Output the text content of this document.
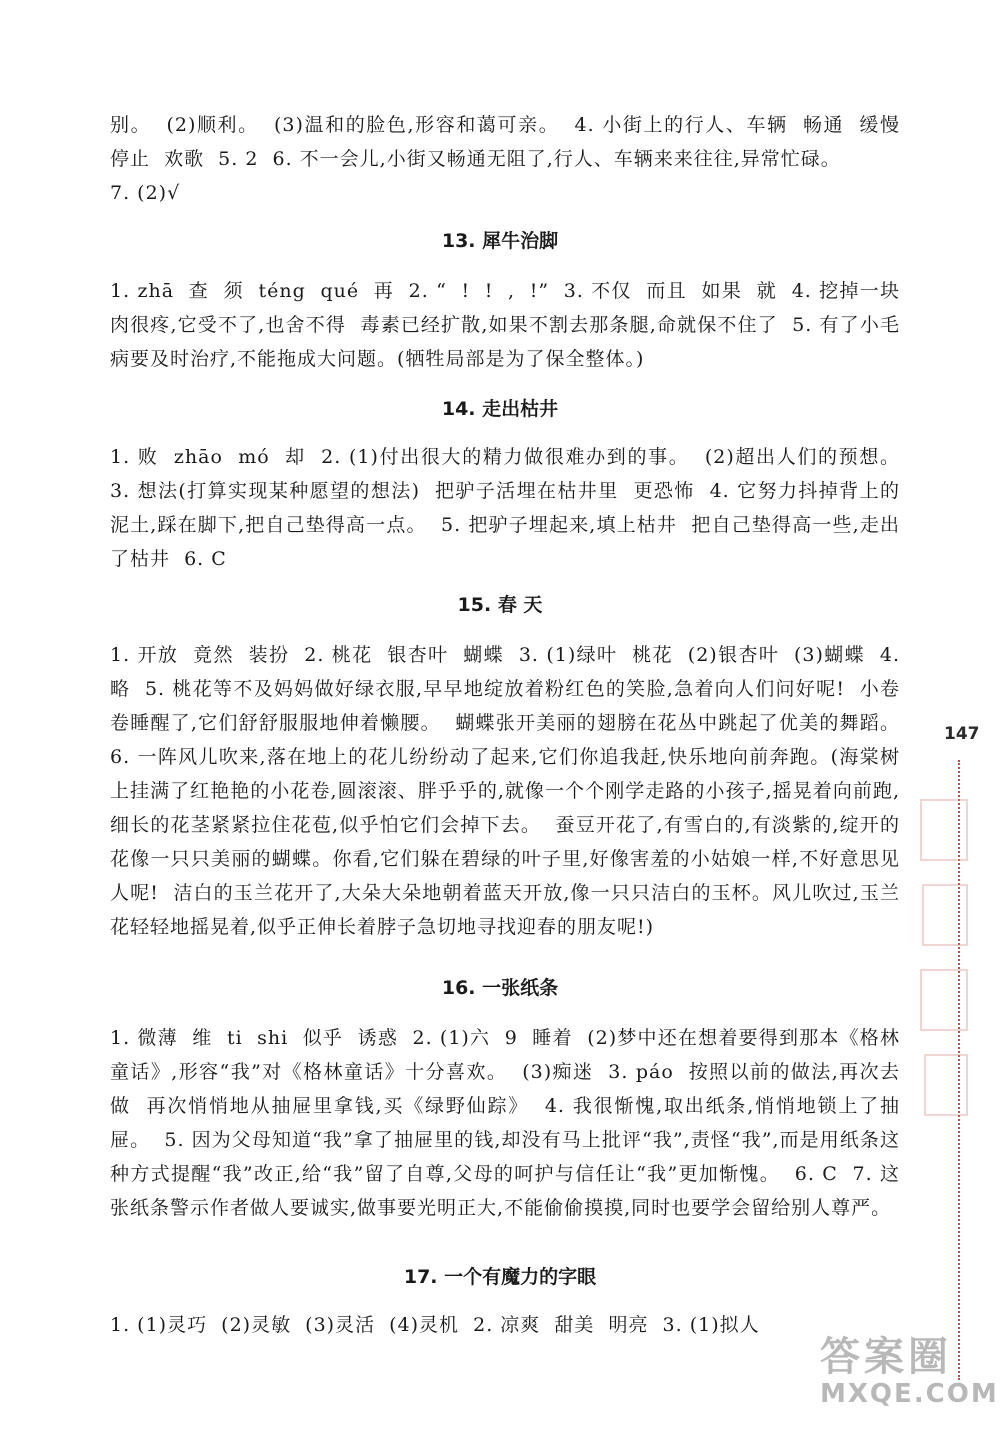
别。  (2)顺利。  (3)温和的脸色,形容和蔼可亲。  4. 小街上的行人、车辆  畅通  缓慢  停止  欢歌  5. 2  6. 不一会儿,小街又畅通无阻了,行人、车辆来来往往,异常忙碌。
7. (2)√
13. 犀牛治脚
1. zhā  查  须  téng  qué  再  2. “  !  !  ,  !”  3. 不仅  而且  如果  就  4. 挖掉一块肉很疼,它受不了,也舍不得  毒素已经扩散,如果不割去那条腿,命就保不住了  5. 有了小毛病要及时治疗,不能拖成大问题。(牺牲局部是为了保全整体。)
14. 走出枯井
1. 败  zhāo  mó  却  2. (1)付出很大的精力做很难办到的事。  (2)超出人们的预想。  3. 想法(打算实现某种愿望的想法)  把驴子活埋在枯井里  更恐怖  4. 它努力抖掉背上的泥土,踩在脚下,把自己垫得高一点。  5. 把驴子埋起来,填上枯井  把自己垫得高一些,走出了枯井  6. C
15. 春 天
1. 开放  竟然  装扮  2. 桃花  银杏叶  蝴蝶  3. (1)绿叶  桃花  (2)银杏叶  (3)蝴蝶  4. 略  5. 桃花等不及妈妈做好绿衣服,早早地绽放着粉红色的笑脸,急着向人们问好呢!  小卷卷睡醒了,它们舒舒服服地伸着懒腰。  蝴蝶张开美丽的翅膀在花丛中跳起了优美的舞蹈。  6. 一阵风儿吹来,落在地上的花儿纷纷动了起来,它们你追我赶,快乐地向前奔跑。(海棠树上挂满了红艳艳的小花卷,圆滚滚、胖乎乎的,就像一个个刚学走路的小孩子,摇晃着向前跑,细长的花茎紧紧拉住花苞,似乎怕它们会掉下去。  蚕豆开花了,有雪白的,有淡紫的,绽开的花像一只只美丽的蝴蝶。你看,它们躲在碧绿的叶子里,好像害羞的小姑娘一样,不好意思见人呢!  洁白的玉兰花开了,大朵大朵地朝着蓝天开放,像一只只洁白的玉杯。风儿吹过,玉兰花轻轻地摇晃着,似乎正伸长着脖子急切地寻找迎春的朋友呢!)
16. 一张纸条
1. 微薄  维  ti  shi  似乎  诱惑  2. (1)六  9  睡着  (2)梦中还在想着要得到那本《格林童话》,形容“我”对《格林童话》十分喜欢。  (3)痴迷  3. páo  按照以前的做法,再次去做  再次悄悄地从抽屉里拿钱,买《绿野仙踪》  4. 我很惭愧,取出纸条,悄悄地锁上了抽屉。  5. 因为父母知道“我”拿了抽屉里的钱,却没有马上批评“我”,责怪“我”,而是用纸条这种方式提醒“我”改正,给“我”留了自尊,父母的呵护与信任让“我”更加惭愧。  6. C  7. 这张纸条警示作者做人要诚实,做事要光明正大,不能偷偷摸摸,同时也要学会留给别人尊严。
17. 一个有魔力的字眼
1. (1)灵巧  (2)灵敏  (3)灵活  (4)灵机  2. 凉爽  甜美  明亮  3. (1)拟人
147
答案圈
MXQE.COM
